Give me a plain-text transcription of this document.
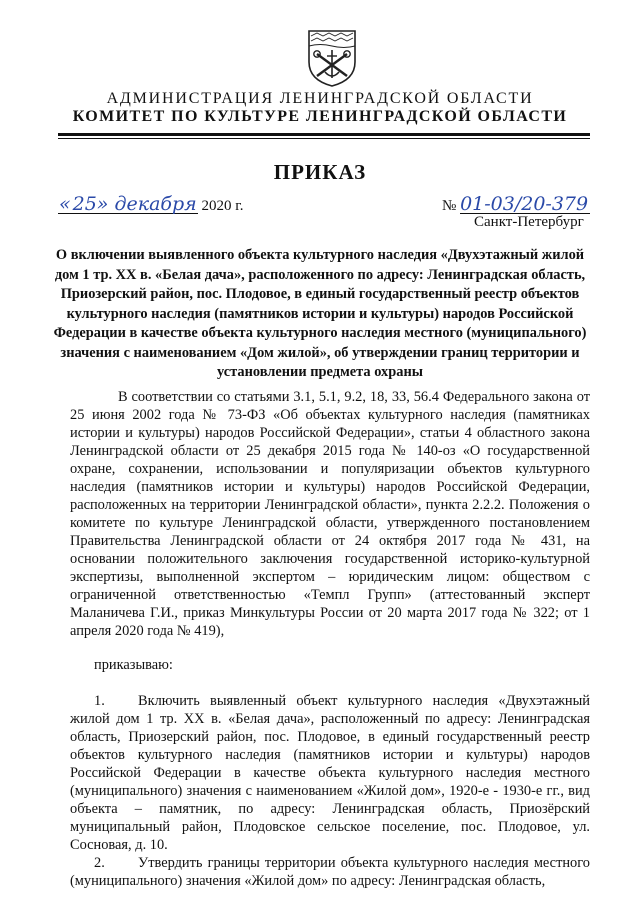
АДМИНИСТРАЦИЯ ЛЕНИНГРАДСКОЙ ОБЛАСТИ
КОМИТЕТ ПО КУЛЬТУРЕ ЛЕНИНГРАДСКОЙ ОБЛАСТИ
ПРИКАЗ
« 25» декабря 2020 г.	№ 01-03/20-379
Санкт-Петербург
О включении выявленного объекта культурного наследия «Двухэтажный жилой дом 1 тр. XX в. «Белая дача», расположенного по адресу: Ленинградская область, Приозерский район, пос. Плодовое, в единый государственный реестр объектов культурного наследия (памятников истории и культуры) народов Российской Федерации в качестве объекта культурного наследия местного (муниципального) значения с наименованием «Дом жилой», об утверждении границ территории и установлении предмета охраны

В соответствии со статьями 3.1, 5.1, 9.2, 18, 33, 56.4 Федерального закона от 25 июня 2002 года № 73-ФЗ «Об объектах культурного наследия (памятниках истории и культуры) народов Российской Федерации», статьи 4 областного закона Ленинградской области от 25 декабря 2015 года № 140-оз «О государственной охране, сохранении, использовании и популяризации объектов культурного наследия (памятников истории и культуры) народов Российской Федерации, расположенных на территории Ленинградской области», пункта 2.2.2. Положения о комитете по культуре Ленинградской области, утвержденного постановлением Правительства Ленинградской области от 24 октября 2017 года № 431, на основании положительного заключения государственной историко-культурной экспертизы, выполненной экспертом – юридическим лицом: обществом с ограниченной ответственностью «Темпл Групп» (аттестованный эксперт Маланичева Г.И., приказ Минкультуры России от 20 марта 2017 года № 322; от 1 апреля 2020 года № 419),

приказываю:

1. Включить выявленный объект культурного наследия «Двухэтажный жилой дом 1 тр. XX в. «Белая дача», расположенный по адресу: Ленинградская область, Приозерский район, пос. Плодовое, в единый государственный реестр объектов культурного наследия (памятников истории и культуры) народов Российской Федерации в качестве объекта культурного наследия местного (муниципального) значения с наименованием «Жилой дом», 1920-е - 1930-е гг., вид объекта – памятник, по адресу: Ленинградская область, Приозёрский муниципальный район, Плодовское сельское поселение, пос. Плодовое, ул. Сосновая, д. 10.

2. Утвердить границы территории объекта культурного наследия местного (муниципального) значения «Жилой дом» по адресу: Ленинградская область,
